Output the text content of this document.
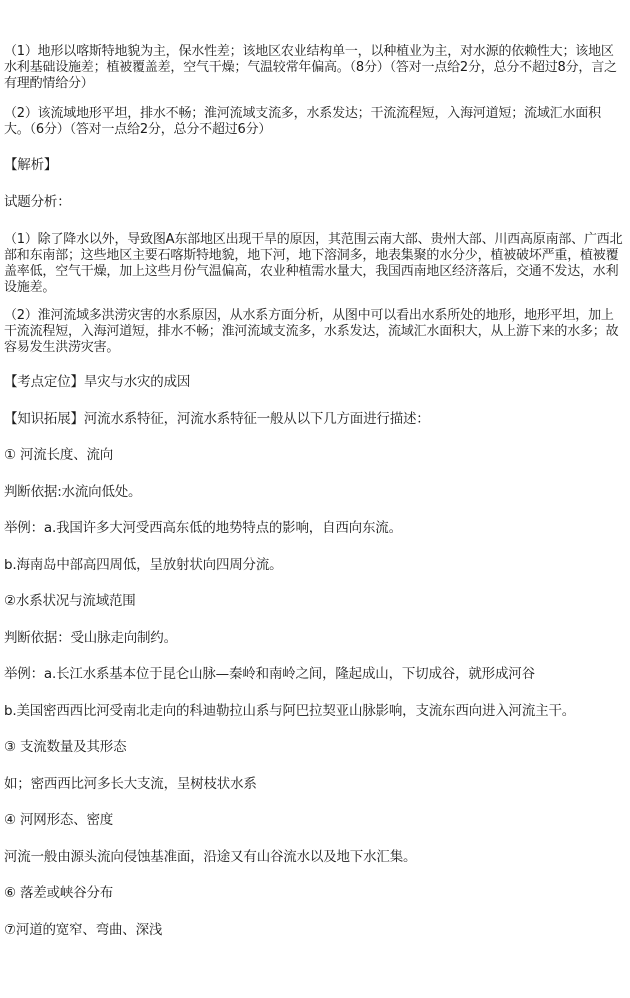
（1）地形以喀斯特地貌为主，保水性差；该地区农业结构单一，以种植业为主，对水源的依赖性大；该地区水利基础设施差；植被覆盖差，空气干燥；气温较常年偏高。（8分）（答对一点给2分，总分不超过8分，言之有理酌情给分）

（2）该流域地形平坦，排水不畅；淮河流域支流多，水系发达；干流流程短，入海河道短；流域汇水面积大。（6分）（答对一点给2分，总分不超过6分）

【解析】

试题分析：

（1）除了降水以外，导致图A东部地区出现干旱的原因，其范围云南大部、贵州大部、川西高原南部、广西北部和东南部；这些地区主要石喀斯特地貌，地下河，地下溶洞多，地表集聚的水分少，植被破坏严重，植被覆盖率低，空气干燥，加上这些月份气温偏高，农业种植需水量大，我国西南地区经济落后，交通不发达，水利设施差。

（2）淮河流域多洪涝灾害的水系原因，从水系方面分析，从图中可以看出水系所处的地形，地形平坦，加上干流流程短，入海河道短，排水不畅；淮河流域支流多，水系发达，流域汇水面积大，从上游下来的水多；故容易发生洪涝灾害。

【考点定位】旱灾与水灾的成因

【知识拓展】河流水系特征，河流水系特征一般从以下几方面进行描述：

① 河流长度、流向

判断依据:水流向低处。

举例：a.我国许多大河受西高东低的地势特点的影响，自西向东流。

b.海南岛中部高四周低，呈放射状向四周分流。

②水系状况与流域范围

判断依据：受山脉走向制约。

举例：a.长江水系基本位于昆仑山脉—秦岭和南岭之间，隆起成山，下切成谷，就形成河谷

b.美国密西西比河受南北走向的科迪勒拉山系与阿巴拉契亚山脉影响，支流东西向进入河流主干。

③ 支流数量及其形态

如；密西西比河多长大支流，呈树枝状水系

④ 河网形态、密度

河流一般由源头流向侵蚀基准面，沿途又有山谷流水以及地下水汇集。

⑥ 落差或峡谷分布

⑦河道的宽窄、弯曲、深浅
